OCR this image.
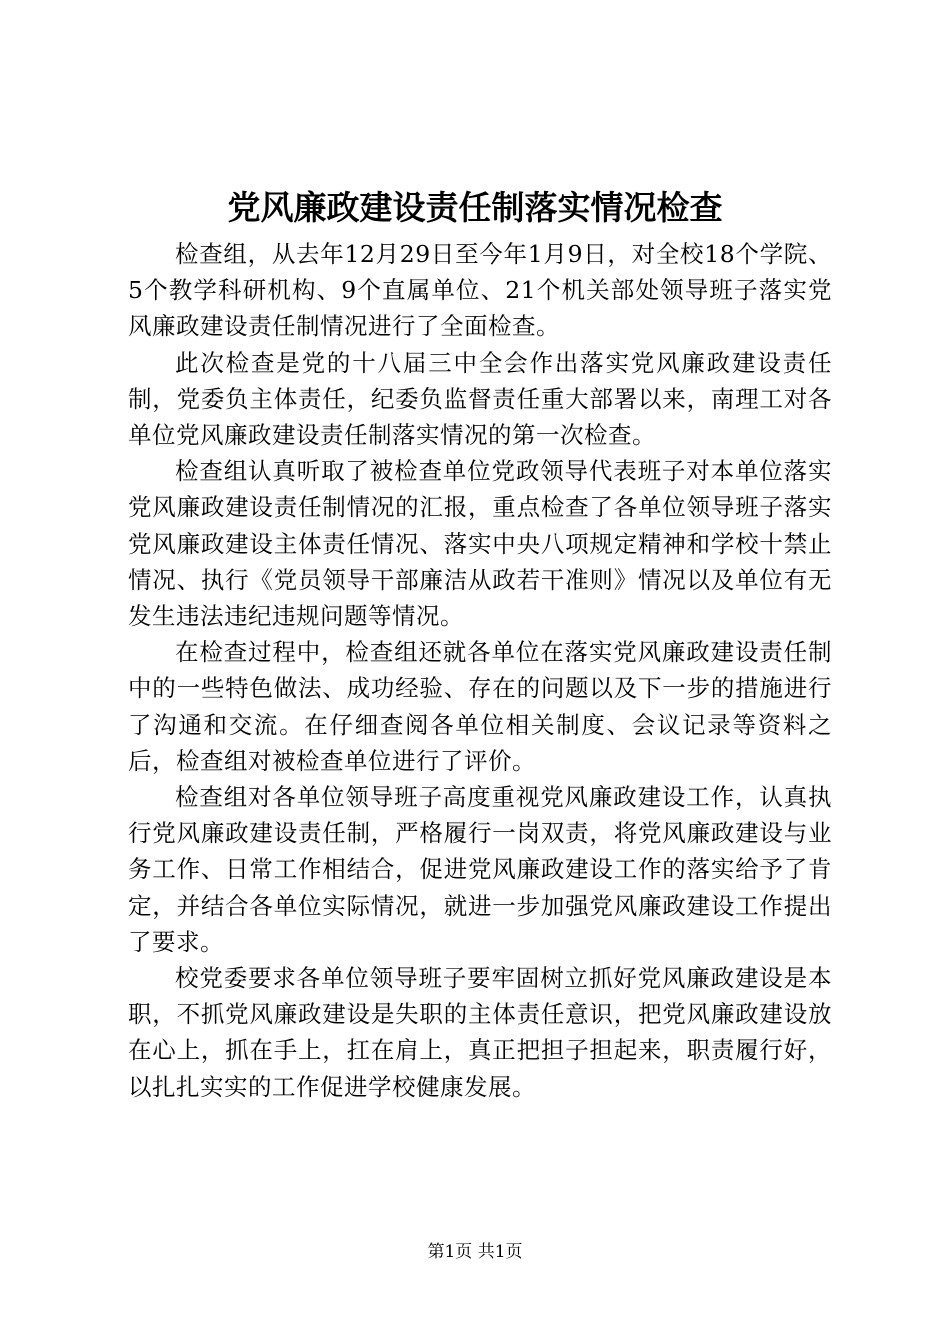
党风廉政建设责任制落实情况检查

检查组，从去年12月29日至今年1月9日，对全校18个学院、5个教学科研机构、9个直属单位、21个机关部处领导班子落实党风廉政建设责任制情况进行了全面检查。

此次检查是党的十八届三中全会作出落实党风廉政建设责任制，党委负主体责任，纪委负监督责任重大部署以来，南理工对各单位党风廉政建设责任制落实情况的第一次检查。

检查组认真听取了被检查单位党政领导代表班子对本单位落实党风廉政建设责任制情况的汇报，重点检查了各单位领导班子落实党风廉政建设主体责任情况、落实中央八项规定精神和学校十禁止情况、执行《党员领导干部廉洁从政若干准则》情况以及单位有无发生违法违纪违规问题等情况。

在检查过程中，检查组还就各单位在落实党风廉政建设责任制中的一些特色做法、成功经验、存在的问题以及下一步的措施进行了沟通和交流。在仔细查阅各单位相关制度、会议记录等资料之后，检查组对被检查单位进行了评价。

检查组对各单位领导班子高度重视党风廉政建设工作，认真执行党风廉政建设责任制，严格履行一岗双责，将党风廉政建设与业务工作、日常工作相结合，促进党风廉政建设工作的落实给予了肯定，并结合各单位实际情况，就进一步加强党风廉政建设工作提出了要求。

校党委要求各单位领导班子要牢固树立抓好党风廉政建设是本职，不抓党风廉政建设是失职的主体责任意识，把党风廉政建设放在心上，抓在手上，扛在肩上，真正把担子担起来，职责履行好，以扎扎实实的工作促进学校健康发展。

第1页 共1页
